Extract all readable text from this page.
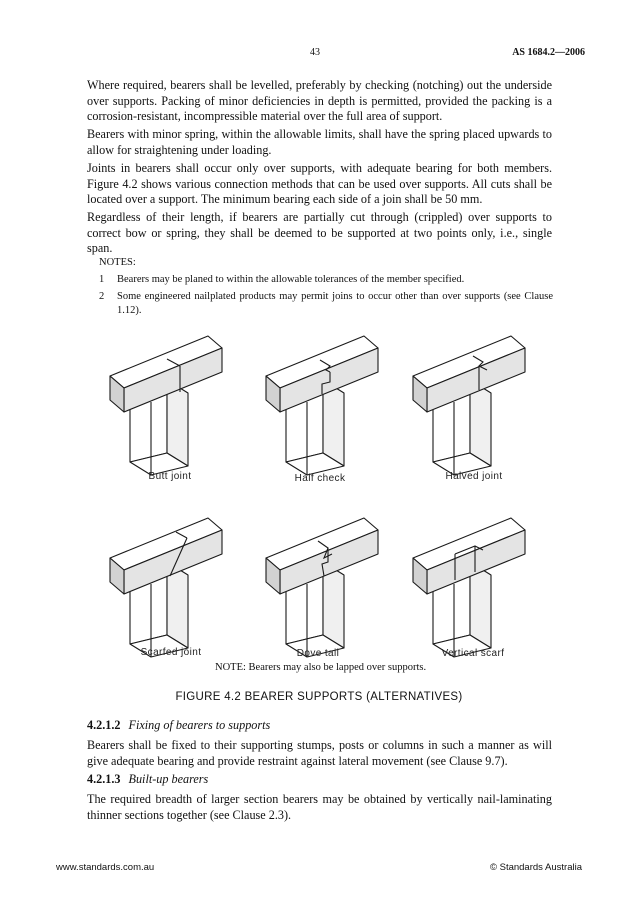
43	AS 1684.2—2006

Where required, bearers shall be levelled, preferably by checking (notching) out the underside over supports. Packing of minor deficiencies in depth is permitted, provided the packing is a corrosion-resistant, incompressible material over the full area of support.

Bearers with minor spring, within the allowable limits, shall have the spring placed upwards to allow for straightening under loading.

Joints in bearers shall occur only over supports, with adequate bearing for both members. Figure 4.2 shows various connection methods that can be used over supports. All cuts shall be located over a support. The minimum bearing each side of a join shall be 50 mm.

Regardless of their length, if bearers are partially cut through (crippled) over supports to correct bow or spring, they shall be deemed to be supported at two points only, i.e., single span.

NOTES:
1 Bearers may be planed to within the allowable tolerances of the member specified.
2 Some engineered nailplated products may permit joins to occur other than over supports (see Clause 1.12).
Butt joint	Half check	Halved joint
Scarfed joint	Dove tail	Vertical scarf
NOTE: Bearers may also be lapped over supports.
FIGURE 4.2 BEARER SUPPORTS (ALTERNATIVES)
4.2.1.2 Fixing of bearers to supports

Bearers shall be fixed to their supporting stumps, posts or columns in such a manner as will give adequate bearing and provide restraint against lateral movement (see Clause 9.7).

4.2.1.3 Built-up bearers

The required breadth of larger section bearers may be obtained by vertically nail-laminating thinner sections together (see Clause 2.3).

www.standards.com.au	© Standards Australia
